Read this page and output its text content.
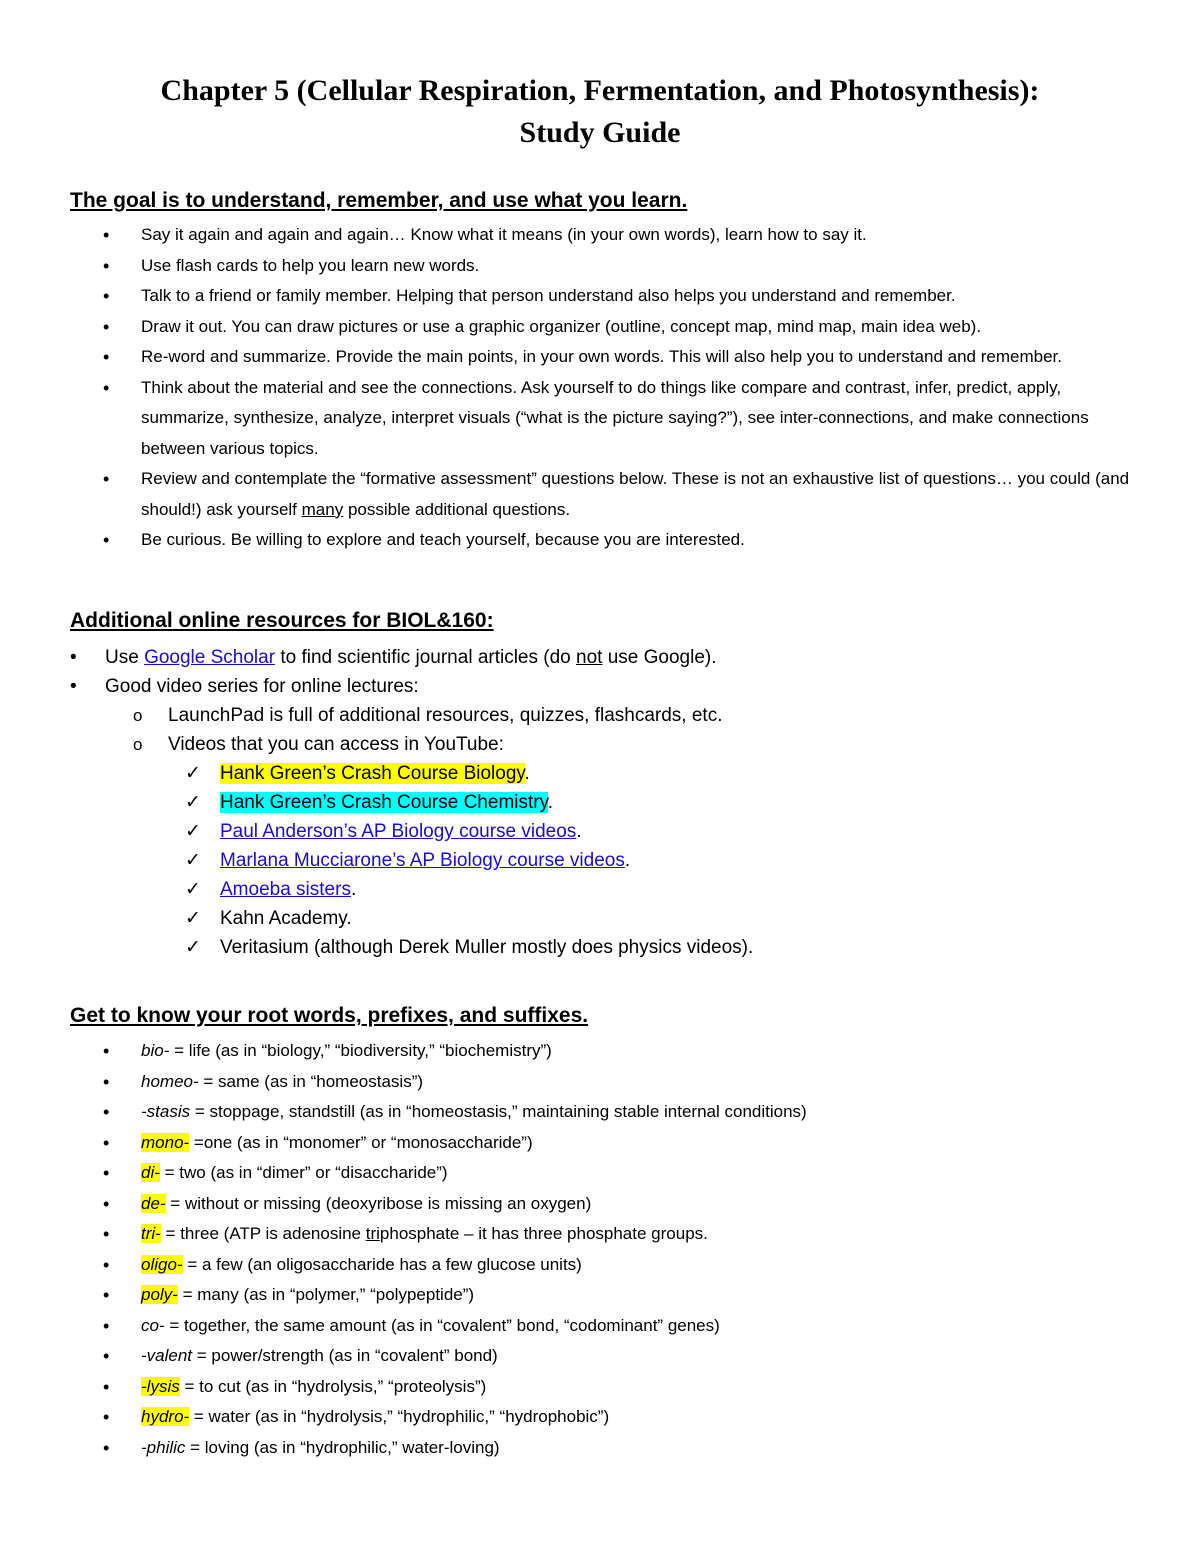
Chapter 5 (Cellular Respiration, Fermentation, and Photosynthesis):
Study Guide
The goal is to understand, remember, and use what you learn.
• Say it again and again and again… Know what it means (in your own words), learn how to say it.
• Use flash cards to help you learn new words.
• Talk to a friend or family member. Helping that person understand also helps you understand and remember.
• Draw it out. You can draw pictures or use a graphic organizer (outline, concept map, mind map, main idea web).
• Re-word and summarize. Provide the main points, in your own words. This will also help you to understand and remember.
• Think about the material and see the connections. Ask yourself to do things like compare and contrast, infer, predict, apply, summarize, synthesize, analyze, interpret visuals (“what is the picture saying?”), see inter-connections, and make connections between various topics.
• Review and contemplate the “formative assessment” questions below. These is not an exhaustive list of questions… you could (and should!) ask yourself many possible additional questions.
• Be curious. Be willing to explore and teach yourself, because you are interested.
Additional online resources for BIOL&160:
• Use Google Scholar to find scientific journal articles (do not use Google).
• Good video series for online lectures:
o LaunchPad is full of additional resources, quizzes, flashcards, etc.
o Videos that you can access in YouTube:
✓ Hank Green’s Crash Course Biology.
✓ Hank Green’s Crash Course Chemistry.
✓ Paul Anderson’s AP Biology course videos.
✓ Marlana Mucciarone’s AP Biology course videos.
✓ Amoeba sisters.
✓ Kahn Academy.
✓ Veritasium (although Derek Muller mostly does physics videos).
Get to know your root words, prefixes, and suffixes.
• bio- = life (as in “biology,” “biodiversity,” “biochemistry”)
• homeo- = same (as in “homeostasis”)
• -stasis = stoppage, standstill (as in “homeostasis,” maintaining stable internal conditions)
• mono- =one (as in “monomer” or “monosaccharide”)
• di- = two (as in “dimer” or “disaccharide”)
• de- = without or missing (deoxyribose is missing an oxygen)
• tri- = three (ATP is adenosine triphosphate – it has three phosphate groups.
• oligo- = a few (an oligosaccharide has a few glucose units)
• poly- = many (as in “polymer,” “polypeptide”)
• co- = together, the same amount (as in “covalent” bond, “codominant” genes)
• -valent = power/strength (as in “covalent” bond)
• -lysis = to cut (as in “hydrolysis,” “proteolysis”)
• hydro- = water (as in “hydrolysis,” “hydrophilic,” “hydrophobic”)
• -philic = loving (as in “hydrophilic,” water-loving)
